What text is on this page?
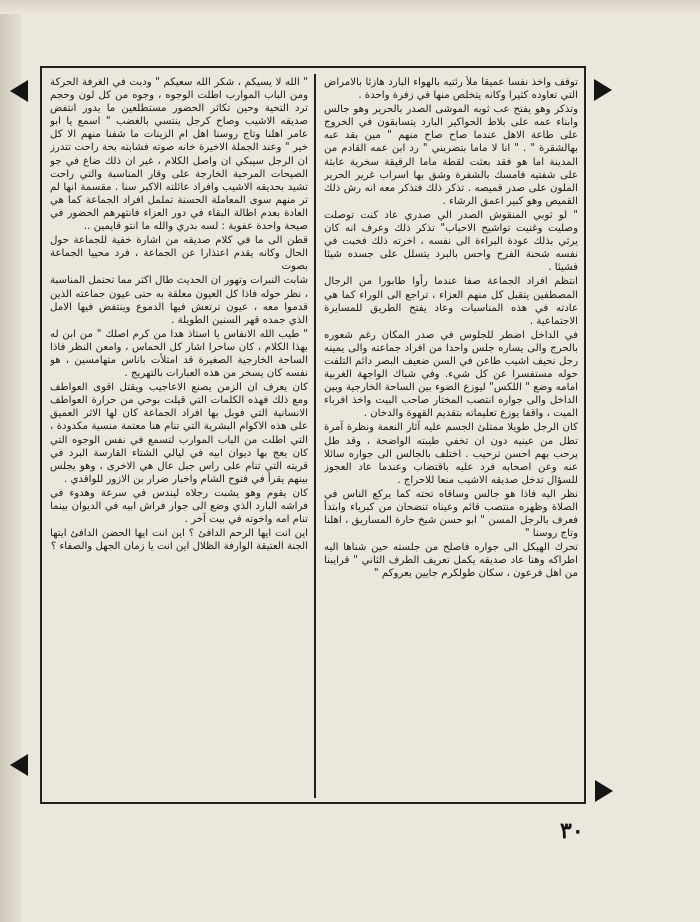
" الله لا يسيكم ، شكر الله سعيكم " ودبت في الغرفة الحركة ومن الباب الموارب اطلت الوجوه ، وجوه من كل لون وحجم ترد التحية وحين تكاثر الحضور مستطلعين ما يدور انتفض صديقه الاشيب وصاح كرجل ينتسي بالغضب " اسمع يا ابو عامر اهلنا وتاج روسنا اهل ام الزينات ما شفنا منهم الا كل خير " وعند الجملة الاخيرة خانه صوته فشابته بحة راحت تتدرز ان الرجل سيبكي ان واصل الكلام ، غير ان ذلك ضاع في جو الصيحات المرحبة الخارجة على وقار المناسبة والتي راحت تشيد بحديقه الاشيب وافراد عائلته الاكبر سنا . مقسمة انها لم تر منهم سوى المعاملة الحسنة تململ افراد الجماعة كما هي العادة بعدم اطالة البقاء في دور العزاء فانتهرهم الحضور في صيحة واحدة عفوية : لسه بدري والله ما انتو قايمين ..

قطن الى ما في كلام صديقه من اشارة خفية للجماعة حول الحال وكانه يقدم اعتذارا عن الجماعة ، فرد محييا الجماعة بصوت

شابت النبرات وتهور ان الحديث طال اكثر مما تحتمل المناسبة ، نظر حوله فاذا كل العيون معلقة به حتى عيون جماعته الذين قدموا معه ، عيون ترتعش فيها الدموع وينتفض فيها الامل الذي جمده قهر السنين الطويلة .

" طيب الله الانفاس يا استاذ هدا من كرم اصلك " من ابن له بهذا الكلام ، كان ساحرا اشار كل الحماس ، وامعن النظر فاذا الساحة الخارجية الصغيرة قد امتلأت باناس متهامسين ، هو نفسه كان يسخر من هذه العبارات بالتهريج .

كان يعرف ان الزمن يصنع الاعاجيب ويقتل اقوى العواطف ومع ذلك فهذه الكلمات التي قيلت بوحي من حرارة العواطف الانسانية التي فوبل بها افراد الجماعة كان لها الاثر العميق على هذه الاكوام البشرية التي تنام هنا معتمة منسية مكدودة ، التي اطلت من الباب الموارب لتسمع في نفس الوجوه التي كان يعج بها ديوان ابيه في ليالي الشتاء القارسة البرد في قريته التي تنام على راس جبل عال هي الاخرى ، وهو يجلس بينهم يقرأ في فتوح الشام واخبار ضرار بن الازور للواقدي .

كان يقوم وهو يشبت رجلاه ليندس في سرعة وهدوء في فراشه البارد الذي وضع الى جوار فراش ابيه في الديوان بينما تنام امه واخوته في بيت آخر .

اين انت ايها الرحم الدافئ ؟ اين انت ايها الحضن الدافئ ايتها الجنة العتيقة الوارفة الظلال اين انت يا زمان الجهل والصفاء ؟

توقف واخذ نفسا عميقا ملأ رئتيه بالهواء البارد هازئا بالامراض التي تعاوده كثيرا وكانه يتخلص منها في زفرة واحدة .

وتذكر وهو يفتح عب ثوبه الموشى الصدر بالحرير وهو جالس وابناء عمه على بلاط الحواكير البارد يتسابقون في الخروج على طاعة الاهل عندما صاح صاح منهم " مين بقد عبه بهالشقرة " . " انا لا ماما بتضربني " رد ابن عمه القادم من المدينة اما هو فقد بعثت لقطة ماما الرقيقة سخرية عابثة على شفتيه فامسك بالشفرة وشق بها اسراب غرير الحرير الملون على صدر قميصه . تذكر ذلك فتذكر معه انه رش ذلك القميص وهو كبير اعمق الرشاء .

" لو ثوبي المنقوش الصدر الي صدري عاد كنت توصلت وصليت وغنيت تواشيح الاحباب" تذكر ذلك وعرف انه كان يرثي بذلك عودة البراءة الى نفسه ، اخرته ذلك فخبت في نفسه شحنة الفرح واحس بالبرد يتسلل على جسده شيئا فشيئا .

انتظم افراد الجماعة صفا عندما رأوا طابورا من الرجال المصطفين يتقبل كل منهم العزاء ، تراجع الى الوراء كما هي عادته في هذه المناسبات وعاد يفتح الطريق للمسايرة الاجتماعية .

في الداخل اضطر للجلوس في صدر المكان رغم شعوره بالحرج والى يساره جلس واحدا من افراد جماعته والى يمينه رجل نحيف اشيب طاعن في السن ضعيف البصر دائم التلفت حوله مستفسرا عن كل شيء. وفي شباك الواجهة الغربية امامه وضع " اللكس" ليوزع الضوء بين الساحة الخارجية وبين الداخل والى جواره انتصب المختار صاحب البيت واخذ افرباء الميت ، واقفا يوزع تعليماته بتقديم القهوة والدخان .

كان الرجل طويلا ممتلئ الجسم عليه آثار النعمة ونظرة آمرة تطل من عينيه دون ان تخفي طيبته الواضحة ، وقد طل يرحب بهم احسن ترحيب . اختلف بالجالس الى جواره سائلا عنه وعن اصحابه فرد عليه باقتضاب وعندما عاد العجوز للسؤال تدخل صديقه الاشيب منعا للاحراج .

نظر اليه فاذا هو جالس وساقاه تحته كما يركع الناس في الصلاة وظهره منتصب قائم وعيناه تنضحان من كبرياء وابتدأ فعرف بالرجل المسن " ابو حسن شيخ حارة المساريق ، اهلنا وتاج روسنا "

تحرك الهيكل الى جواره فاصلح من جلسته حين شناها اليه اطراكه وهنا عاد صديقه يكمل تعريف الطرف الثاني " قرايبنا من اهل فرعون ، سكان طولكرم جايين يعروكم "

٣٠
